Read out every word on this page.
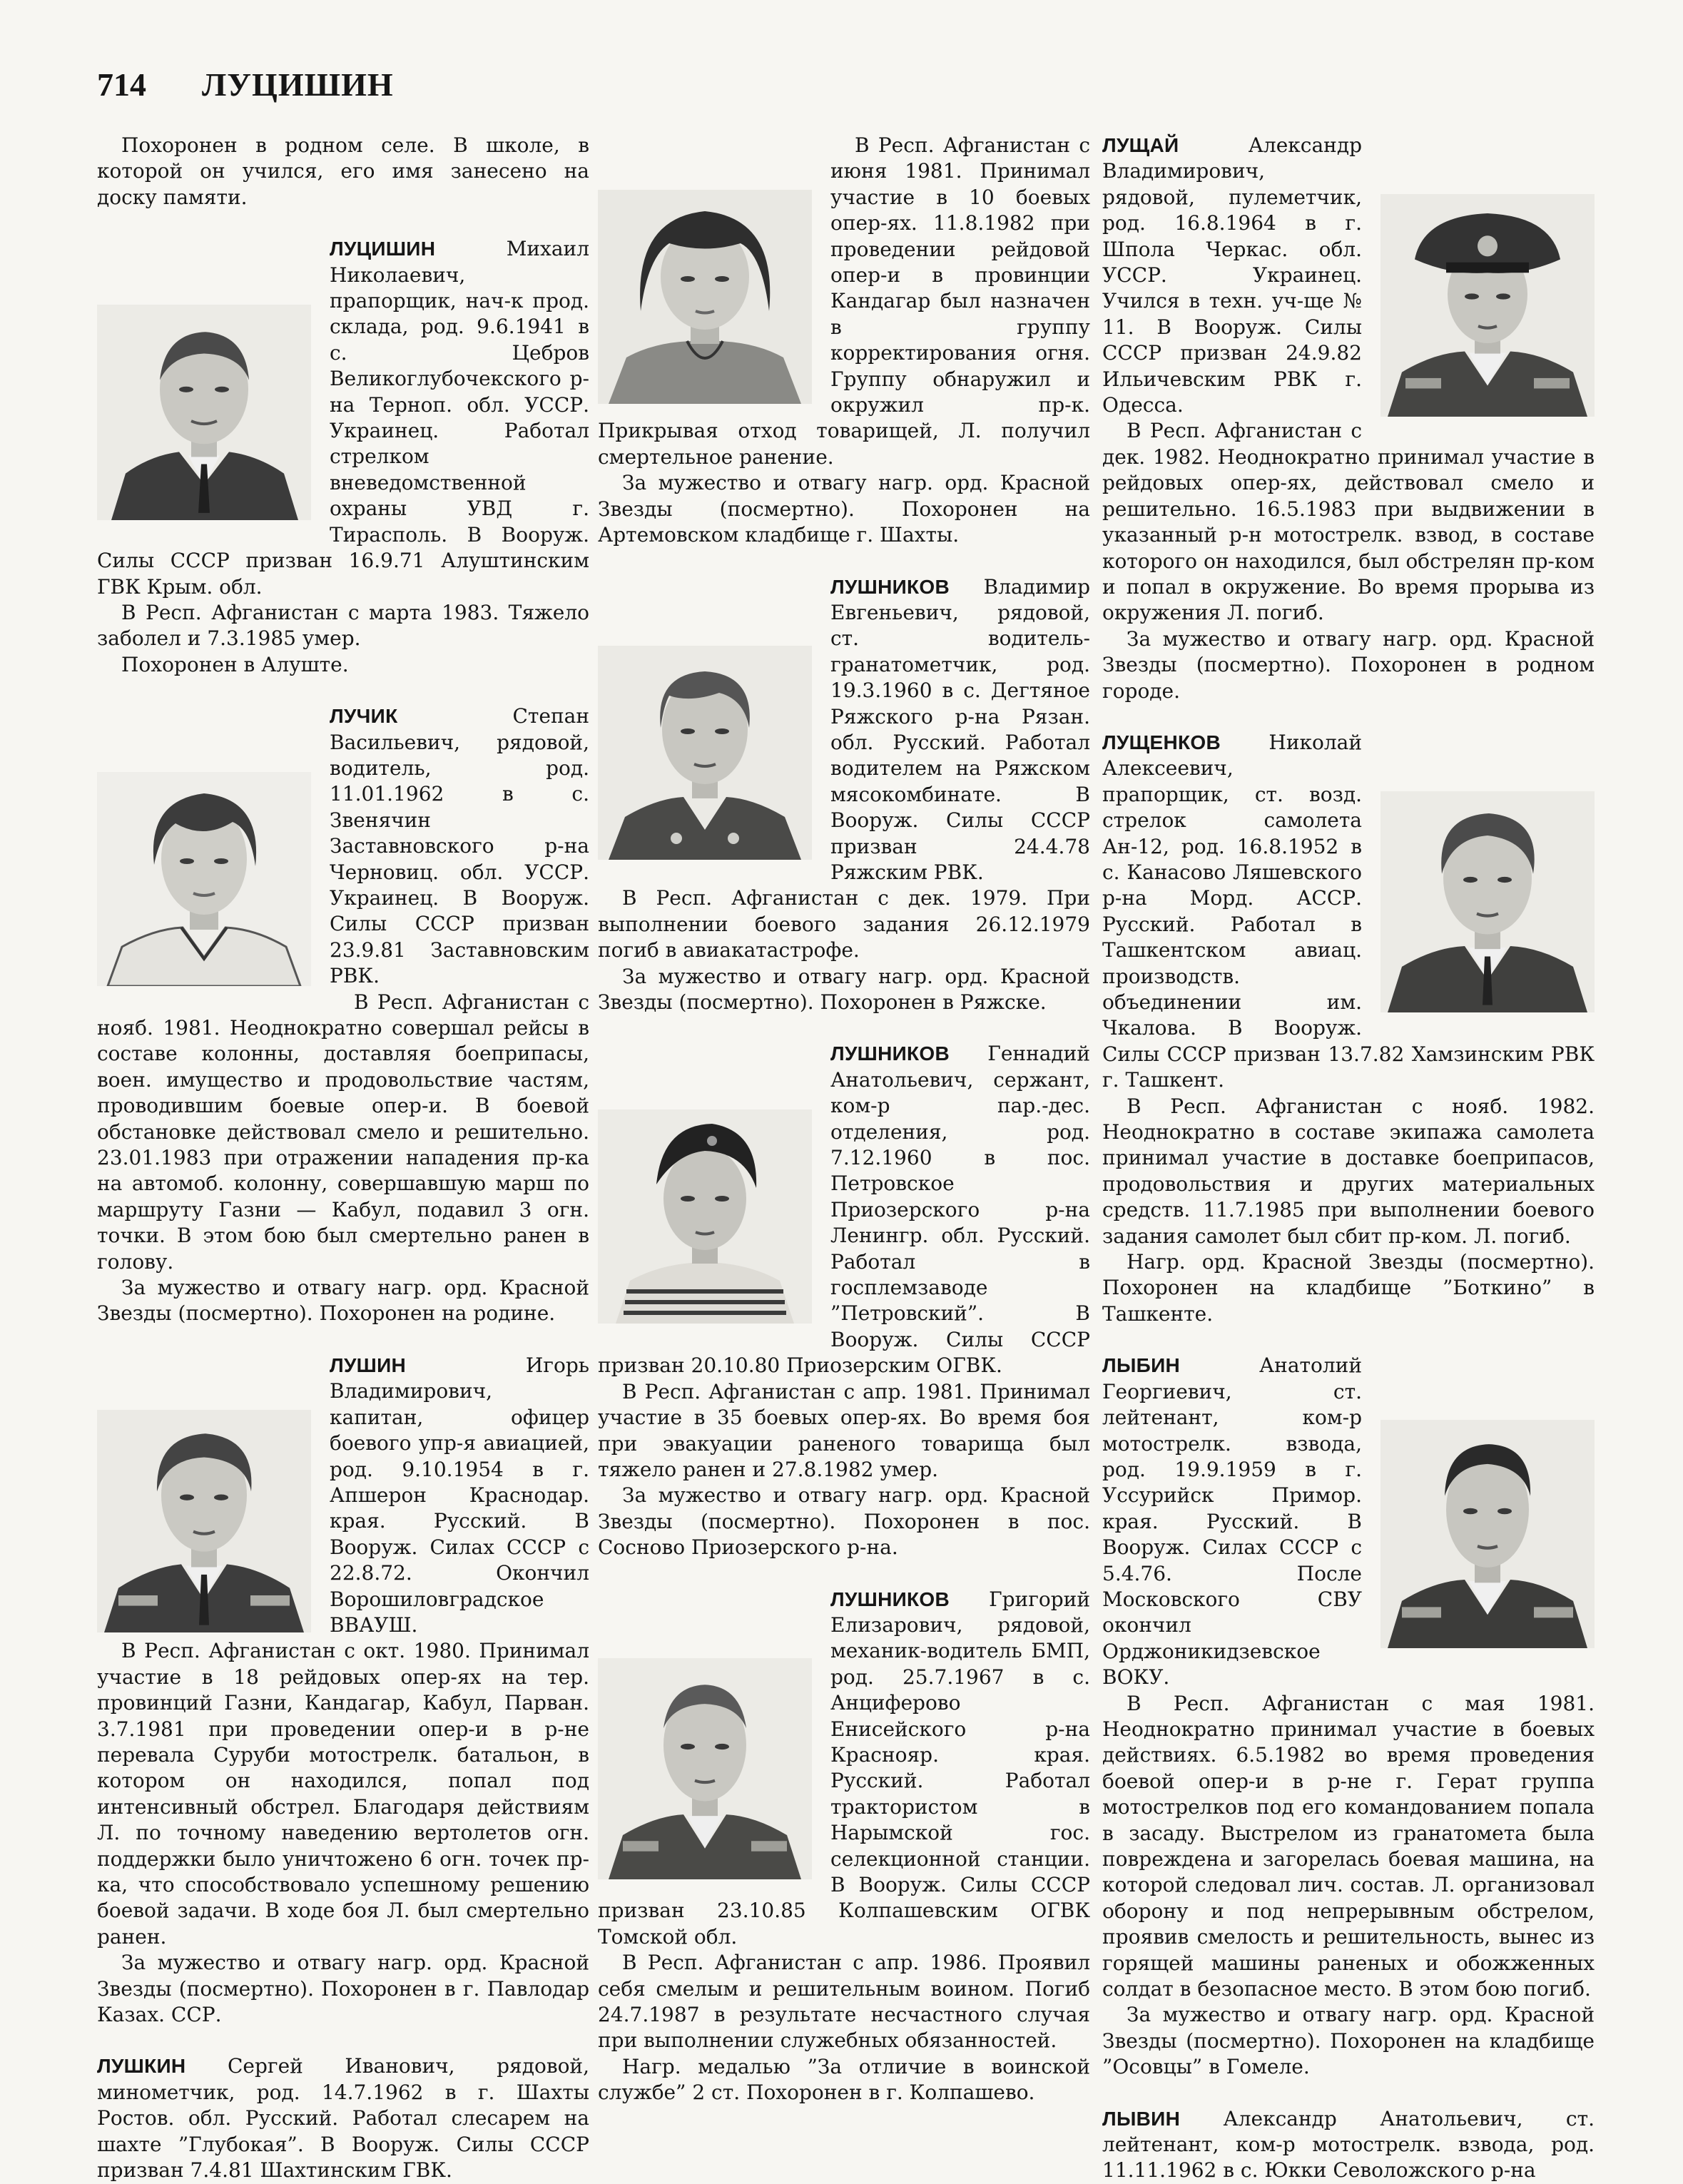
714 ЛУЦИШИН

Похоронен в родном селе. В школе, в которой он учился, его имя занесено на доску памяти.

ЛУЦИШИН Михаил Николаевич, прапорщик, нач-к прод. склада, род. 9.6.1941 в с. Цебров Великоглубочекского р-на Терноп. обл. УССР. Украинец. Работал стрелком вневедомственной охраны УВД г. Тирасполь. В Вооруж. Силы СССР призван 16.9.71 Алуштинским ГВК Крым. обл.

В Респ. Афганистан с марта 1983. Тяжело заболел и 7.3.1985 умер.

Похоронен в Алуште.

ЛУЧИК Степан Васильевич, рядовой, водитель, род. 11.01.1962 в с. Звенячин Заставновского р-на Черновиц. обл. УССР. Украинец. В Вооруж. Силы СССР призван 23.9.81 Заставновским РВК.

В Респ. Афганистан с нояб. 1981. Неоднократно совершал рейсы в составе колонны, доставляя боеприпасы, воен. имущество и продовольствие частям, проводившим боевые опер-и. В боевой обстановке действовал смело и решительно. 23.01.1983 при отражении нападения пр-ка на автомоб. колонну, совершавшую марш по маршруту Газни — Кабул, подавил 3 огн. точки. В этом бою был смертельно ранен в голову.

За мужество и отвагу нагр. орд. Красной Звезды (посмертно). Похоронен на родине.

ЛУШИН Игорь Владимирович, капитан, офицер боевого упр-я авиацией, род. 9.10.1954 в г. Апшерон Краснодар. края. Русский. В Вооруж. Силах СССР с 22.8.72. Окончил Ворошиловградское ВВАУШ.

В Респ. Афганистан с окт. 1980. Принимал участие в 18 рейдовых опер-ях на тер. провинций Газни, Кандагар, Кабул, Парван. 3.7.1981 при проведении опер-и в р-не перевала Суруби мотострелк. батальон, в котором он находился, попал под интенсивный обстрел. Благодаря действиям Л. по точному наведению вертолетов огн. поддержки было уничтожено 6 огн. точек пр-ка, что способствовало успешному решению боевой задачи. В ходе боя Л. был смертельно ранен.

За мужество и отвагу нагр. орд. Красной Звезды (посмертно). Похоронен в г. Павлодар Казах. ССР.

ЛУШКИН Сергей Иванович, рядовой, минометчик, род. 14.7.1962 в г. Шахты Ростов. обл. Русский. Работал слесарем на шахте ”Глубокая”. В Вооруж. Силы СССР призван 7.4.81 Шахтинским ГВК.

В Респ. Афганистан с июня 1981. Принимал участие в 10 боевых опер-ях. 11.8.1982 при проведении рейдовой опер-и в провинции Кандагар был назначен в группу корректирования огня. Группу обнаружил и окружил пр-к. Прикрывая отход товарищей, Л. получил смертельное ранение.

За мужество и отвагу нагр. орд. Красной Звезды (посмертно). Похоронен на Артемовском кладбище г. Шахты.

ЛУШНИКОВ Владимир Евгеньевич, рядовой, ст. водитель-гранатометчик, род. 19.3.1960 в с. Дегтяное Ряжского р-на Рязан. обл. Русский. Работал водителем на Ряжском мясокомбинате. В Вооруж. Силы СССР призван 24.4.78 Ряжским РВК.

В Респ. Афганистан с дек. 1979. При выполнении боевого задания 26.12.1979 погиб в авиакатастрофе.

За мужество и отвагу нагр. орд. Красной Звезды (посмертно). Похоронен в Ряжске.

ЛУШНИКОВ Геннадий Анатольевич, сержант, ком-р пар.-дес. отделения, род. 7.12.1960 в пос. Петровское Приозерского р-на Ленингр. обл. Русский. Работал в госплемзаводе ”Петровский”. В Вооруж. Силы СССР призван 20.10.80 Приозерским ОГВК.

В Респ. Афганистан с апр. 1981. Принимал участие в 35 боевых опер-ях. Во время боя при эвакуации раненого товарища был тяжело ранен и 27.8.1982 умер.

За мужество и отвагу нагр. орд. Красной Звезды (посмертно). Похоронен в пос. Сосново Приозерского р-на.

ЛУШНИКОВ Григорий Елизарович, рядовой, механик-водитель БМП, род. 25.7.1967 в с. Анциферово Енисейского р-на Краснояр. края. Русский. Работал трактористом в Нарымской гос. селекционной станции. В Вооруж. Силы СССР призван 23.10.85 Колпашевским ОГВК Томской обл.

В Респ. Афганистан с апр. 1986. Проявил себя смелым и решительным воином. Погиб 24.7.1987 в результате несчастного случая при выполнении служебных обязанностей.

Нагр. медалью ”За отличие в воинской службе” 2 ст. Похоронен в г. Колпашево.

ЛУЩАЙ Александр Владимирович, рядовой, пулеметчик, род. 16.8.1964 в г. Шпола Черкас. обл. УССР. Украинец. Учился в техн. уч-ще № 11. В Вооруж. Силы СССР призван 24.9.82 Ильичевским РВК г. Одесса.

В Респ. Афганистан с дек. 1982. Неоднократно принимал участие в рейдовых опер-ях, действовал смело и решительно. 16.5.1983 при выдвижении в указанный р-н мотострелк. взвод, в составе которого он находился, был обстрелян пр-ком и попал в окружение. Во время прорыва из окружения Л. погиб.

За мужество и отвагу нагр. орд. Красной Звезды (посмертно). Похоронен в родном городе.

ЛУЩЕНКОВ Николай Алексеевич, прапорщик, ст. возд. стрелок самолета Ан-12, род. 16.8.1952 в с. Канасово Ляшевского р-на Морд. АССР. Русский. Работал в Ташкентском авиац. производств. объединении им. Чкалова. В Вооруж. Силы СССР призван 13.7.82 Хамзинским РВК г. Ташкент.

В Респ. Афганистан с нояб. 1982. Неоднократно в составе экипажа самолета принимал участие в доставке боеприпасов, продовольствия и других материальных средств. 11.7.1985 при выполнении боевого задания самолет был сбит пр-ком. Л. погиб.

Нагр. орд. Красной Звезды (посмертно). Похоронен на кладбище ”Боткино” в Ташкенте.

ЛЫБИН Анатолий Георгиевич, ст. лейтенант, ком-р мотострелк. взвода, род. 19.9.1959 в г. Уссурийск Примор. края. Русский. В Вооруж. Силах СССР с 5.4.76. После Московского СВУ окончил Орджоникидзевское ВОКУ.

В Респ. Афганистан с мая 1981. Неоднократно принимал участие в боевых действиях. 6.5.1982 во время проведения боевой опер-и в р-не г. Герат группа мотострелков под его командованием попала в засаду. Выстрелом из гранатомета была повреждена и загорелась боевая машина, на которой следовал лич. состав. Л. организовал оборону и под непрерывным обстрелом, проявив смелость и решительность, вынес из горящей машины раненых и обожженных солдат в безопасное место. В этом бою погиб.

За мужество и отвагу нагр. орд. Красной Звезды (посмертно). Похоронен на кладбище ”Осовцы” в Гомеле.

ЛЫВИН Александр Анатольевич, ст. лейтенант, ком-р мотострелк. взвода, род. 11.11.1962 в с. Юкки Севоложского р-на
